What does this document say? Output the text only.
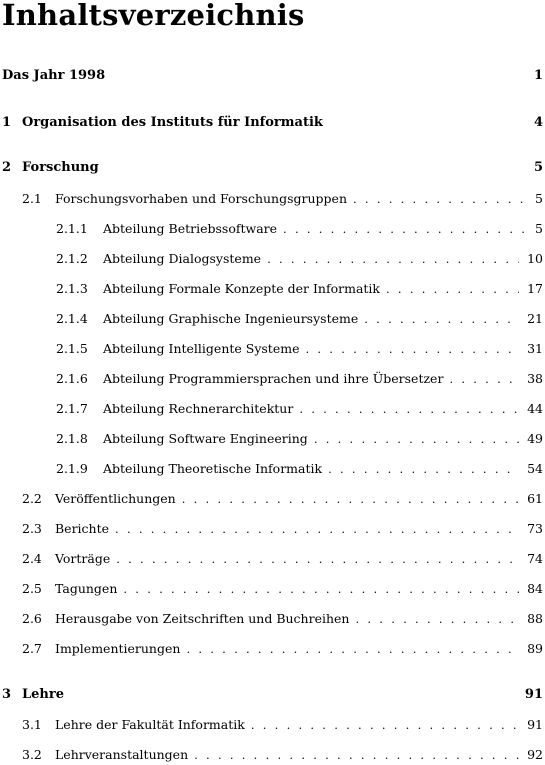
Inhaltsverzeichnis
Das Jahr 1998	1
1 Organisation des Instituts für Informatik	4
2 Forschung	5
2.1 Forschungsvorhaben und Forschungsgruppen . . .	5
2.1.1 Abteilung Betriebssoftware . . .	5
2.1.2 Abteilung Dialogsysteme . . .	10
2.1.3 Abteilung Formale Konzepte der Informatik . . .	17
2.1.4 Abteilung Graphische Ingenieursysteme . . .	21
2.1.5 Abteilung Intelligente Systeme . . .	31
2.1.6 Abteilung Programmiersprachen und ihre Übersetzer . . .	38
2.1.7 Abteilung Rechnerarchitektur . . .	44
2.1.8 Abteilung Software Engineering . . .	49
2.1.9 Abteilung Theoretische Informatik . . .	54
2.2 Veröffentlichungen . . .	61
2.3 Berichte . . .	73
2.4 Vorträge . . .	74
2.5 Tagungen . . .	84
2.6 Herausgabe von Zeitschriften und Buchreihen . . .	88
2.7 Implementierungen . . .	89
3 Lehre	91
3.1 Lehre der Fakultät Informatik . . .	91
3.2 Lehrveranstaltungen . . .	92
